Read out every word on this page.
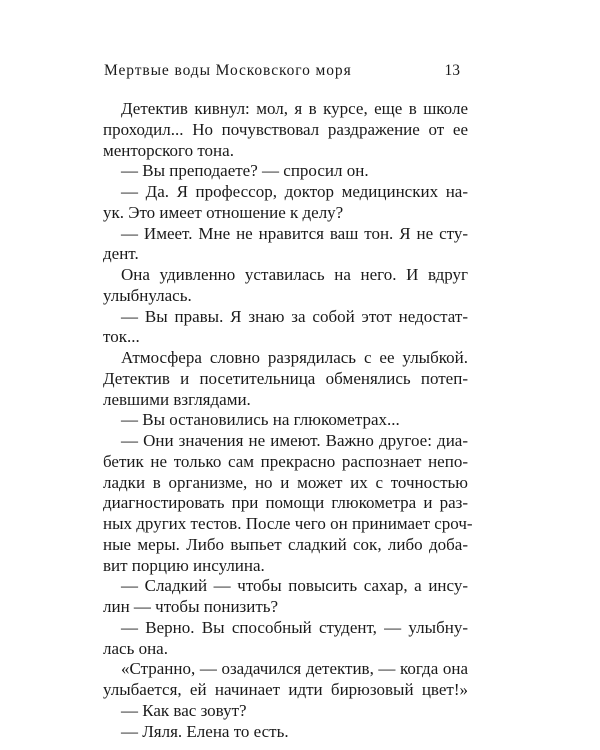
Мертвые воды Московского моря	13
Детектив кивнул: мол, я в курсе, еще в школе
проходил... Но почувствовал раздражение от ее
менторского тона.
— Вы преподаете? — спросил он.
— Да. Я профессор, доктор медицинских на-
ук. Это имеет отношение к делу?
— Имеет. Мне не нравится ваш тон. Я не сту-
дент.
Она удивленно уставилась на него. И вдруг
улыбнулась.
— Вы правы. Я знаю за собой этот недостат-
ток...
Атмосфера словно разрядилась с ее улыбкой.
Детектив и посетительница обменялись потеп-
левшими взглядами.
— Вы остановились на глюкометрах...
— Они значения не имеют. Важно другое: диа-
бетик не только сам прекрасно распознает непо-
ладки в организме, но и может их с точностью
диагностировать при помощи глюкометра и раз-
ных других тестов. После чего он принимает сроч-
ные меры. Либо выпьет сладкий сок, либо доба-
вит порцию инсулина.
— Сладкий — чтобы повысить сахар, а инсу-
лин — чтобы понизить?
— Верно. Вы способный студент, — улыбну-
лась она.
«Странно, — озадачился детектив, — когда она
улыбается, ей начинает идти бирюзовый цвет!»
— Как вас зовут?
— Ляля. Елена то есть.
